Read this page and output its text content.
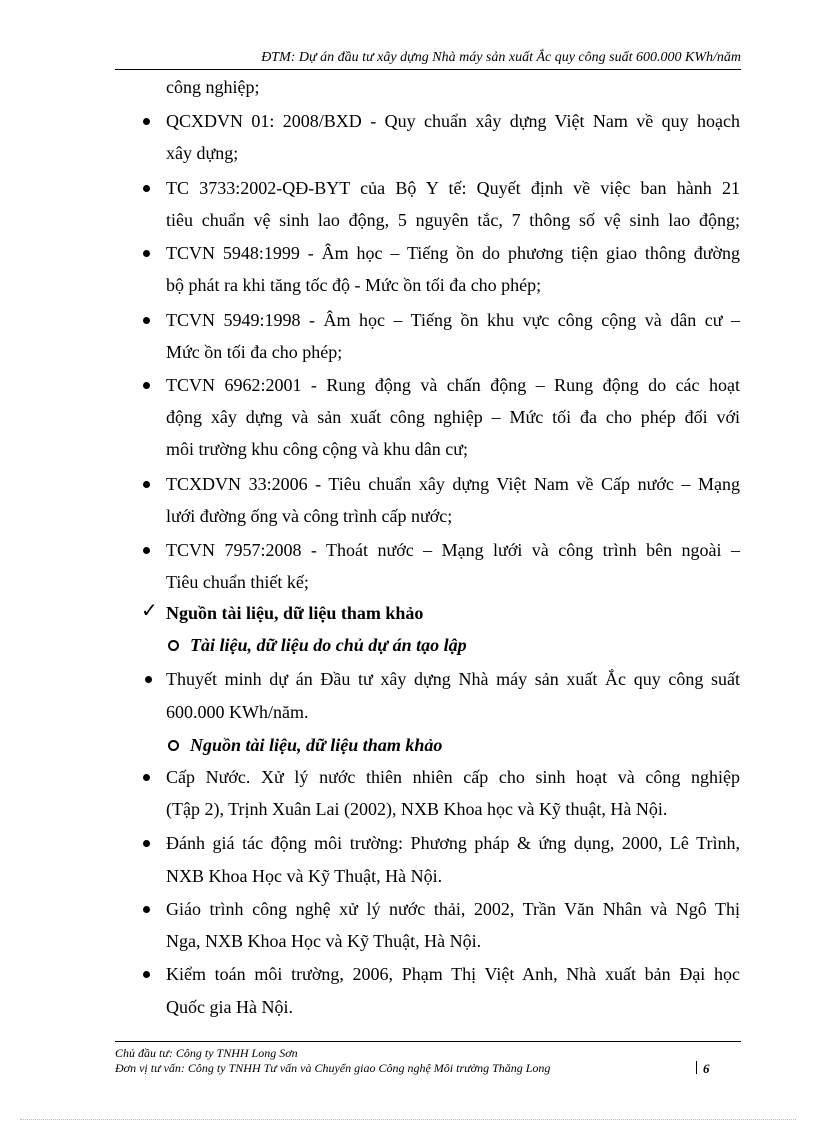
ĐTM: Dự án đầu tư xây dựng Nhà máy sản xuất Ắc quy công suất 600.000 KWh/năm
công nghiệp;
QCXDVN 01: 2008/BXD - Quy chuẩn xây dựng Việt Nam về quy hoạch
xây dựng;
TC 3733:2002-QĐ-BYT của Bộ Y tế: Quyết định về việc ban hành 21
tiêu chuẩn vệ sinh lao động, 5 nguyên tắc, 7 thông số vệ sinh lao động;
TCVN 5948:1999 - Âm học – Tiếng ồn do phương tiện giao thông đường
bộ phát ra khi tăng tốc độ - Mức ồn tối đa cho phép;
TCVN 5949:1998 - Âm học – Tiếng ồn khu vực công cộng và dân cư –
Mức ồn tối đa cho phép;
TCVN 6962:2001 - Rung động và chấn động – Rung động do các hoạt
động xây dựng và sản xuất công nghiệp – Mức tối đa cho phép đối với
môi trường khu công cộng và khu dân cư;
TCXDVN 33:2006 - Tiêu chuẩn xây dựng Việt Nam về Cấp nước – Mạng
lưới đường ống và công trình cấp nước;
TCVN 7957:2008 - Thoát nước – Mạng lưới và công trình bên ngoài –
Tiêu chuẩn thiết kế;
✓ Nguồn tài liệu, dữ liệu tham khảo
Tài liệu, dữ liệu do chủ dự án tạo lập
Thuyết minh dự án Đầu tư xây dựng Nhà máy sản xuất Ắc quy công suất
600.000 KWh/năm.
Nguồn tài liệu, dữ liệu tham khảo
Cấp Nước. Xử lý nước thiên nhiên cấp cho sinh hoạt và công nghiệp
(Tập 2), Trịnh Xuân Lai (2002), NXB Khoa học và Kỹ thuật, Hà Nội.
Đánh giá tác động môi trường: Phương pháp & ứng dụng, 2000, Lê Trình,
NXB Khoa Học và Kỹ Thuật, Hà Nội.
Giáo trình công nghệ xử lý nước thải, 2002, Trần Văn Nhân và Ngô Thị
Nga, NXB Khoa Học và Kỹ Thuật, Hà Nội.
Kiểm toán môi trường, 2006, Phạm Thị Việt Anh, Nhà xuất bản Đại học
Quốc gia Hà Nội.
Chủ đầu tư: Công ty TNHH Long Sơn
Đơn vị tư vấn: Công ty TNHH Tư vấn và Chuyển giao Công nghệ Môi trường Thăng Long	6
